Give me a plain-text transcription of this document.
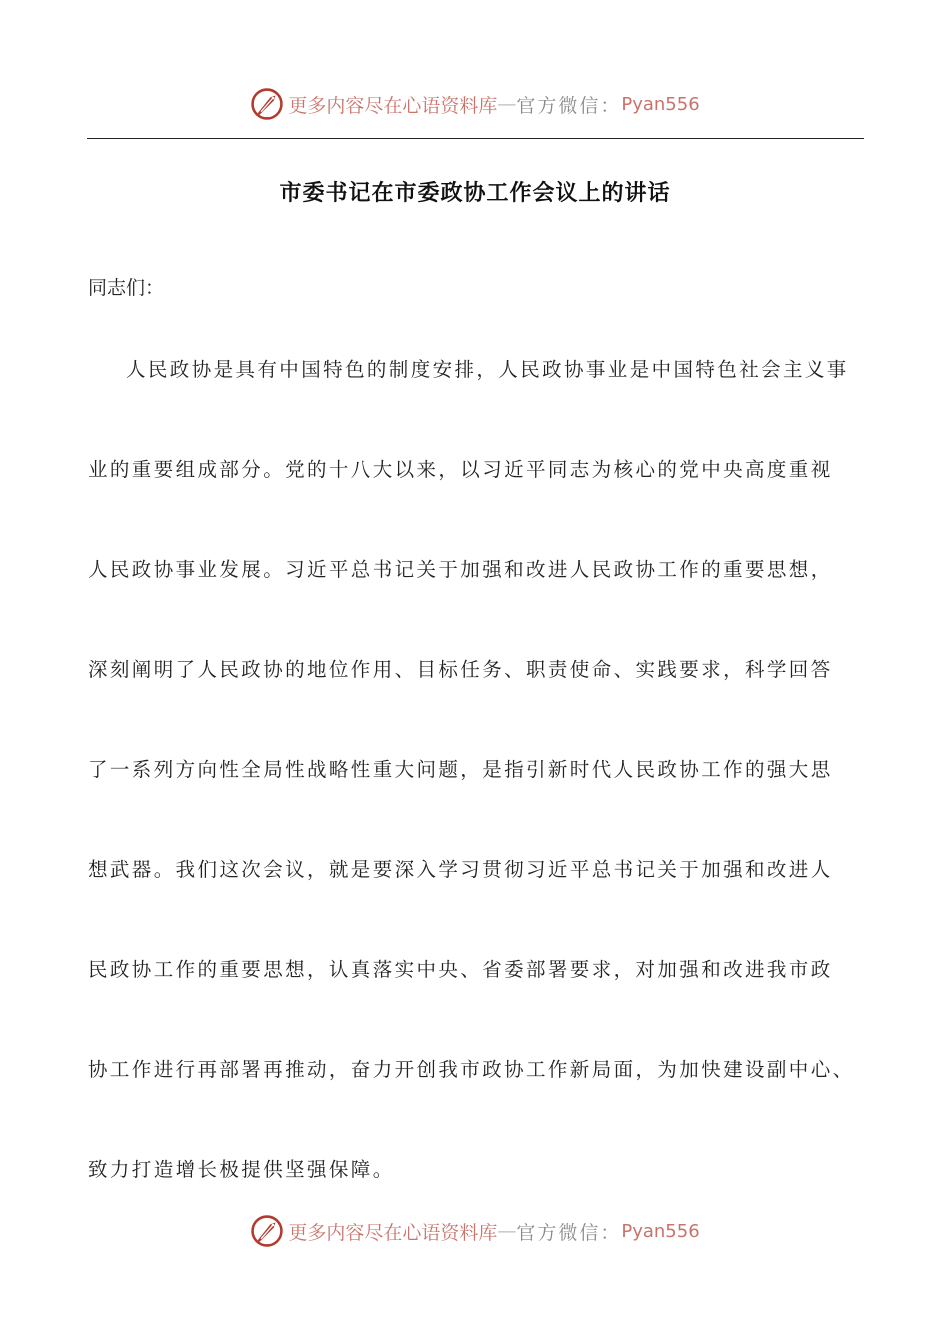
更多内容尽在心语资料库 — 官方微信： Pyan556
市委书记在市委政协工作会议上的讲话

同志们：

人民政协是具有中国特色的制度安排，人民政协事业是中国特色社会主义事
业的重要组成部分。党的十八大以来，以习近平同志为核心的党中央高度重视
人民政协事业发展。习近平总书记关于加强和改进人民政协工作的重要思想，
深刻阐明了人民政协的地位作用、目标任务、职责使命、实践要求，科学回答
了一系列方向性全局性战略性重大问题，是指引新时代人民政协工作的强大思
想武器。我们这次会议，就是要深入学习贯彻习近平总书记关于加强和改进人
民政协工作的重要思想，认真落实中央、省委部署要求，对加强和改进我市政
协工作进行再部署再推动，奋力开创我市政协工作新局面，为加快建设副中心、
致力打造增长极提供坚强保障。
更多内容尽在心语资料库 — 官方微信： Pyan556
